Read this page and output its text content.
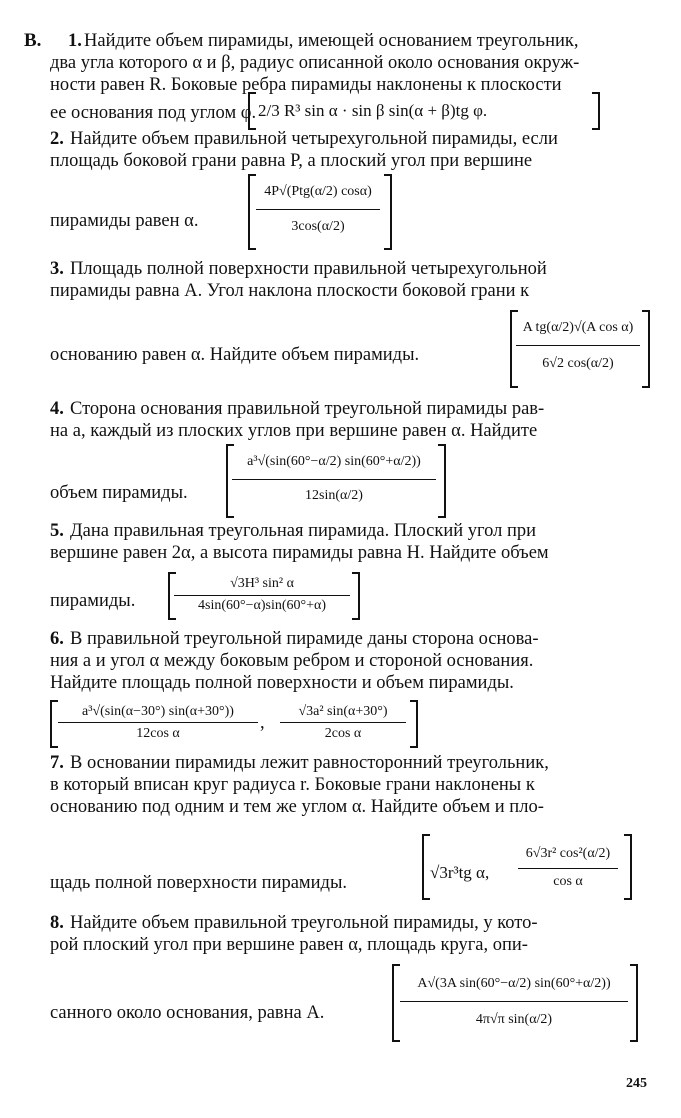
B. 1. Найдите объем пирамиды, имеющей основанием треугольник,
два угла которого α и β, радиус описанной около основания окруж-
ности равен R. Боковые ребра пирамиды наклонены к плоскости
ее основания под углом φ. 2/3 R³ sin α · sin β sin(α + β)tg φ.
2. Найдите объем правильной четырехугольной пирамиды, если
площадь боковой грани равна P, а плоский угол при вершине
пирамиды равен α.
4P√(Ptg(α/2) cosα)
3cos(α/2)
3. Площадь полной поверхности правильной четырехугольной
пирамиды равна A. Угол наклона плоскости боковой грани к
основанию равен α. Найдите объем пирамиды.
A tg(α/2)√(A cos α)
6√2 cos(α/2)
4. Сторона основания правильной треугольной пирамиды рав-
на a, каждый из плоских углов при вершине равен α. Найдите
объем пирамиды.
a³√(sin(60°−α/2) sin(60°+α/2))
12sin(α/2)
5. Дана правильная треугольная пирамида. Плоский угол при
вершине равен 2α, а высота пирамиды равна H. Найдите объем
пирамиды.
√3H³ sin² α
4sin(60°−α)sin(60°+α)
6. В правильной треугольной пирамиде даны сторона основа-
ния a и угол α между боковым ребром и стороной основания.
Найдите площадь полной поверхности и объем пирамиды.
a³√(sin(α−30°) sin(α+30°))
12cos α
,
√3a² sin(α+30°)
2cos α
7. В основании пирамиды лежит равносторонний треугольник,
в который вписан круг радиуса r. Боковые грани наклонены к
основанию под одним и тем же углом α. Найдите объем и пло-
щадь полной поверхности пирамиды.
√3r³tg α,
6√3r² cos²(α/2)
cos α
8. Найдите объем правильной треугольной пирамиды, у кото-
рой плоский угол при вершине равен α, площадь круга, опи-
санного около основания, равна A.
A√(3A sin(60°−α/2) sin(60°+α/2))
4π√π sin(α/2)
245
